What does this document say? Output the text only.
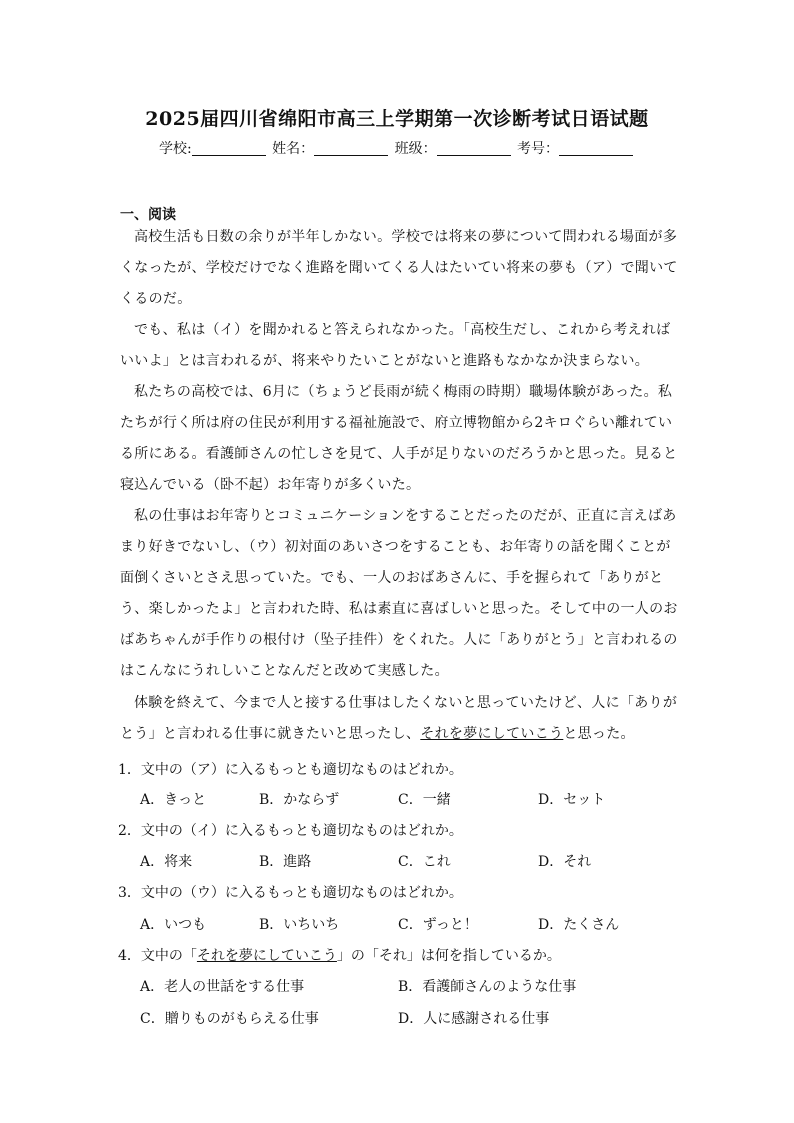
2025届四川省绵阳市高三上学期第一次诊断考试日语试题
学校:	姓名：	班级：	考号：
一、阅读
高校生活も日数の余りが半年しかない。学校では将来の夢について問われる場面が多くなったが、学校だけでなく進路を聞いてくる人はたいてい将来の夢も（ア）で聞いてくるのだ。
でも、私は（イ）を聞かれると答えられなかった。「高校生だし、これから考えればいいよ」とは言われるが、将来やりたいことがないと進路もなかなか決まらない。
私たちの高校では、6月に（ちょうど長雨が続く梅雨の時期）職場体験があった。私たちが行く所は府の住民が利用する福祉施設で、府立博物館から2キロぐらい離れている所にある。看護師さんの忙しさを見て、人手が足りないのだろうかと思った。見ると寝込んでいる（卧不起）お年寄りが多くいた。
私の仕事はお年寄りとコミュニケーションをすることだったのだが、正直に言えばあまり好きでないし、（ウ）初対面のあいさつをすることも、お年寄りの話を聞くことが面倒くさいとさえ思っていた。でも、一人のおばあさんに、手を握られて「ありがとう、楽しかったよ」と言われた時、私は素直に喜ばしいと思った。そして中の一人のおばあちゃんが手作りの根付け（坠子挂件）をくれた。人に「ありがとう」と言われるのはこんなにうれしいことなんだと改めて実感した。
体験を終えて、今まで人と接する仕事はしたくないと思っていたけど、人に「ありがとう」と言われる仕事に就きたいと思ったし、それを夢にしていこうと思った。
1．文中の（ア）に入るもっとも適切なものはどれか。
A．きっと	B．かならず	C．一緒	D．セット
2．文中の（イ）に入るもっとも適切なものはどれか。
A．将来	B．進路	C．これ	D．それ
3．文中の（ウ）に入るもっとも適切なものはどれか。
A．いつも	B．いちいち	C．ずっと！	D．たくさん
4．文中の「それを夢にしていこう」の「それ」は何を指しているか。
A．老人の世話をする仕事	B．看護師さんのような仕事
C．贈りものがもらえる仕事	D．人に感謝される仕事
